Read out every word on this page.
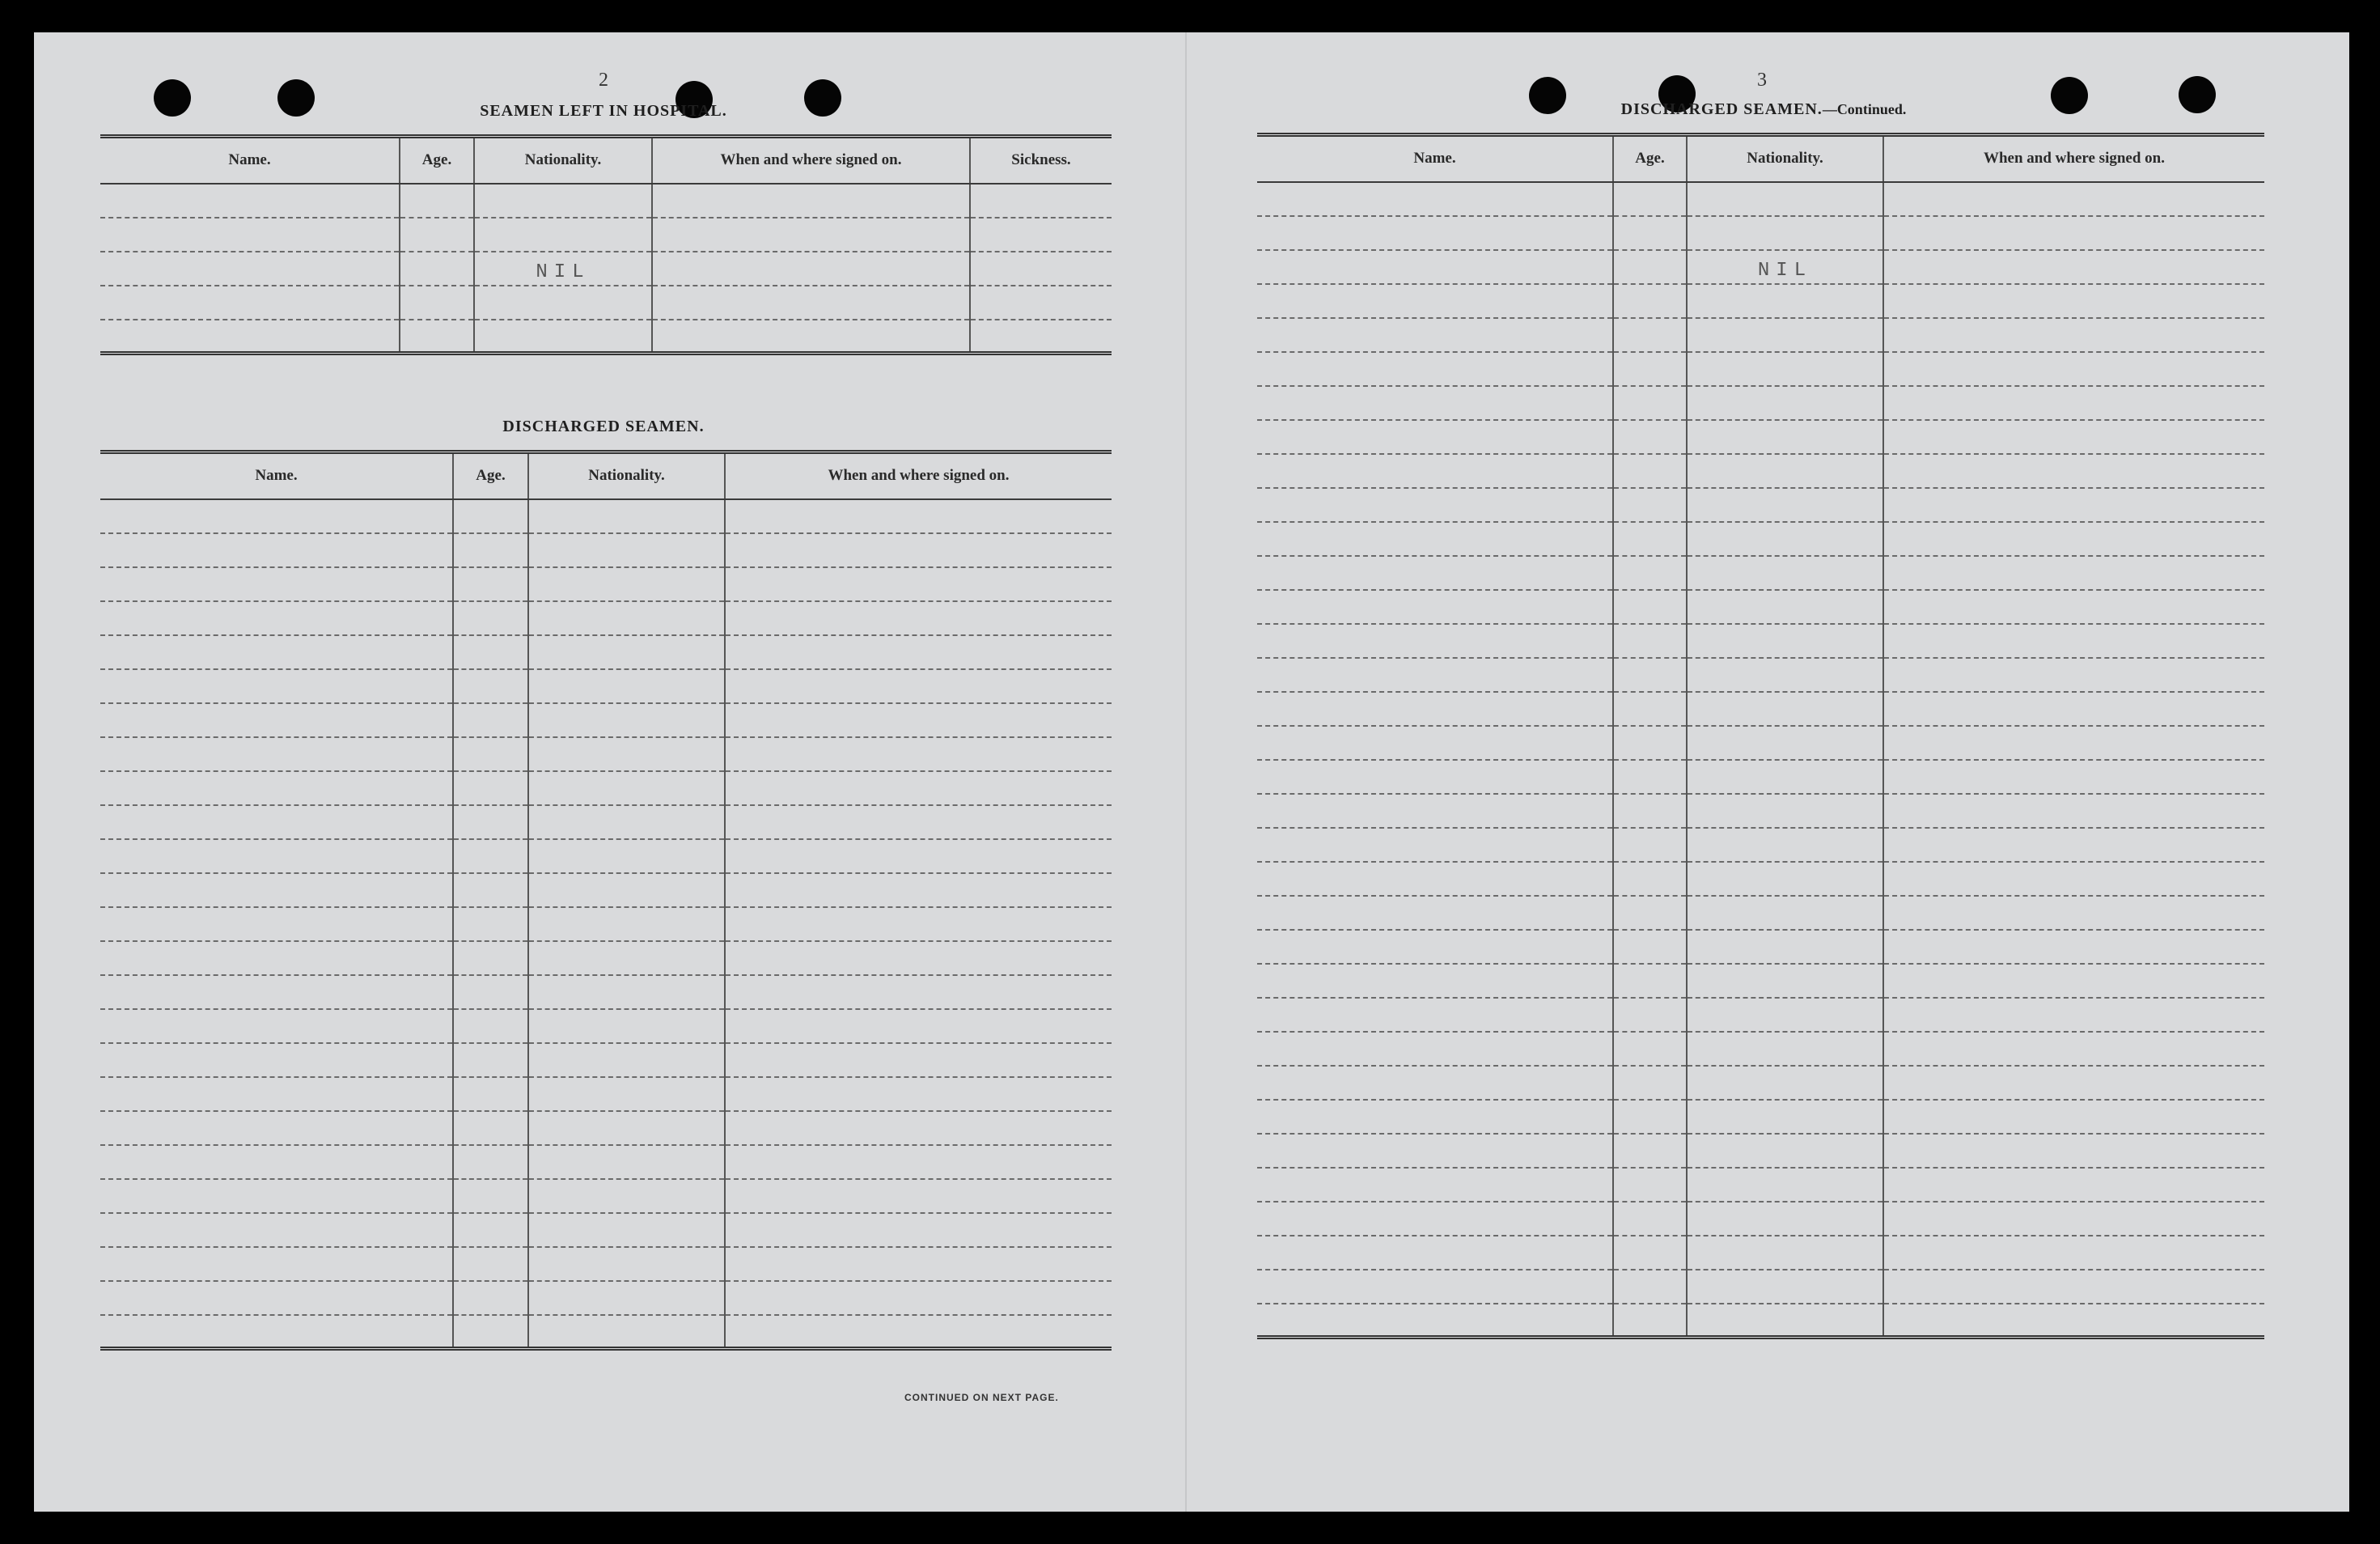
2
SEAMEN LEFT IN HOSPITAL.
Name.	Age.	Nationality.	When and where signed on.	Sickness.

		NIL		

DISCHARGED SEAMEN.
Name.	Age.	Nationality.	When and where signed on.

CONTINUED ON NEXT PAGE.
3
DISCHARGED SEAMEN.—Continued.
Name.	Age.	Nationality.	When and where signed on.

		NIL	
